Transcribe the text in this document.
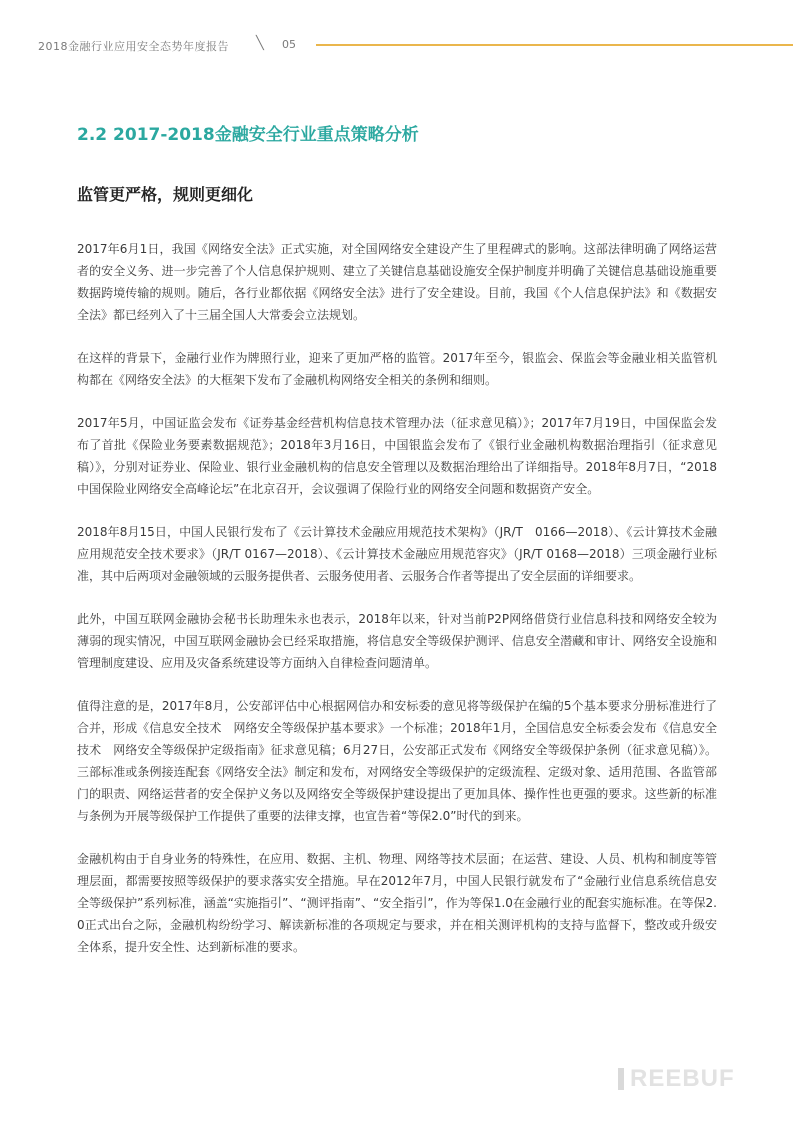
2018金融行业应用安全态势年度报告 ╲ 05
2.2 2017-2018金融安全行业重点策略分析
监管更严格，规则更细化

2017年6月1日，我国《网络安全法》正式实施，对全国网络安全建设产生了里程碑式的影响。这部法律明确了网络运营者的安全义务、进一步完善了个人信息保护规则、建立了关键信息基础设施安全保护制度并明确了关键信息基础设施重要数据跨境传输的规则。随后，各行业都依据《网络安全法》进行了安全建设。目前，我国《个人信息保护法》和《数据安全法》都已经列入了十三届全国人大常委会立法规划。

在这样的背景下，金融行业作为牌照行业，迎来了更加严格的监管。2017年至今，银监会、保监会等金融业相关监管机构都在《网络安全法》的大框架下发布了金融机构网络安全相关的条例和细则。

2017年5月，中国证监会发布《证券基金经营机构信息技术管理办法（征求意见稿）》；2017年7月19日，中国保监会发布了首批《保险业务要素数据规范》；2018年3月16日，中国银监会发布了《银行业金融机构数据治理指引（征求意见稿）》，分别对证券业、保险业、银行业金融机构的信息安全管理以及数据治理给出了详细指导。2018年8月7日，“2018中国保险业网络安全高峰论坛”在北京召开，会议强调了保险行业的网络安全问题和数据资产安全。

2018年8月15日，中国人民银行发布了《云计算技术金融应用规范技术架构》（JR/T　0166—2018）、《云计算技术金融应用规范安全技术要求》（JR/T 0167—2018）、《云计算技术金融应用规范容灾》（JR/T 0168—2018）三项金融行业标准，其中后两项对金融领域的云服务提供者、云服务使用者、云服务合作者等提出了安全层面的详细要求。

此外，中国互联网金融协会秘书长助理朱永也表示，2018年以来，针对当前P2P网络借贷行业信息科技和网络安全较为薄弱的现实情况，中国互联网金融协会已经采取措施，将信息安全等级保护测评、信息安全潜藏和审计、网络安全设施和管理制度建设、应用及灾备系统建设等方面纳入自律检查问题清单。

值得注意的是，2017年8月，公安部评估中心根据网信办和安标委的意见将等级保护在编的5个基本要求分册标准进行了合并，形成《信息安全技术　网络安全等级保护基本要求》一个标准；2018年1月，全国信息安全标委会发布《信息安全技术　网络安全等级保护定级指南》征求意见稿；6月27日，公安部正式发布《网络安全等级保护条例（征求意见稿）》。三部标准或条例接连配套《网络安全法》制定和发布，对网络安全等级保护的定级流程、定级对象、适用范围、各监管部门的职责、网络运营者的安全保护义务以及网络安全等级保护建设提出了更加具体、操作性也更强的要求。这些新的标准与条例为开展等级保护工作提供了重要的法律支撑，也宣告着“等保2.0”时代的到来。

金融机构由于自身业务的特殊性，在应用、数据、主机、物理、网络等技术层面；在运营、建设、人员、机构和制度等管理层面，都需要按照等级保护的要求落实安全措施。早在2012年7月，中国人民银行就发布了“金融行业信息系统信息安全等级保护”系列标准，涵盖“实施指引”、“测评指南”、“安全指引”，作为等保1.0在金融行业的配套实施标准。在等保2.0正式出台之际，金融机构纷纷学习、解读新标准的各项规定与要求，并在相关测评机构的支持与监督下，整改或升级安全体系，提升安全性、达到新标准的要求。

REEBUF
